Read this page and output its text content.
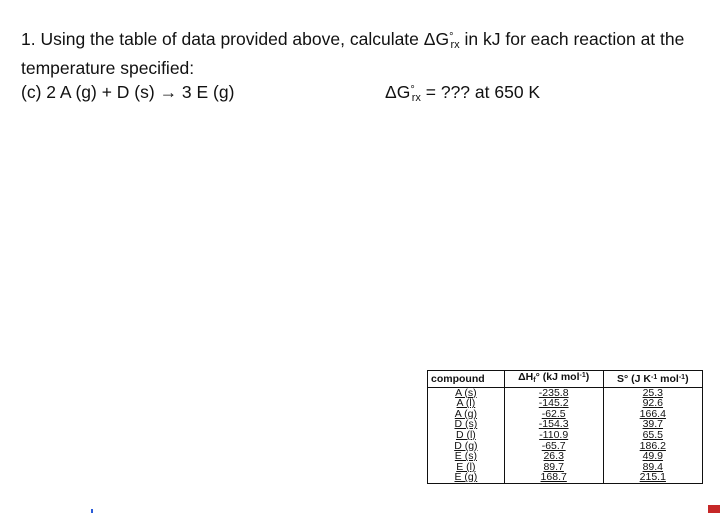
1. Using the table of data provided above, calculate $\Delta G^\circ_{rx}$ in kJ for each reaction at the temperature specified:
(c) 2 A (g) + D (s) → 3 E (g)	$\Delta G^\circ_{rx}$ = ??? at 650 K
compound	$\Delta H_f^\circ$ (kJ mol$^{-1}$)	S° (J $K^{-1}$ mol$^{-1}$)
A (s)	-235.8	25.3
A (l)	-145.2	92.6
A (g)	-62.5	166.4
D (s)	-154.3	39.7
D (l)	-110.9	65.5
D (g)	-65.7	186.2
E (s)	26.3	49.9
E (l)	89.7	89.4
E (g)	168.7	215.1
